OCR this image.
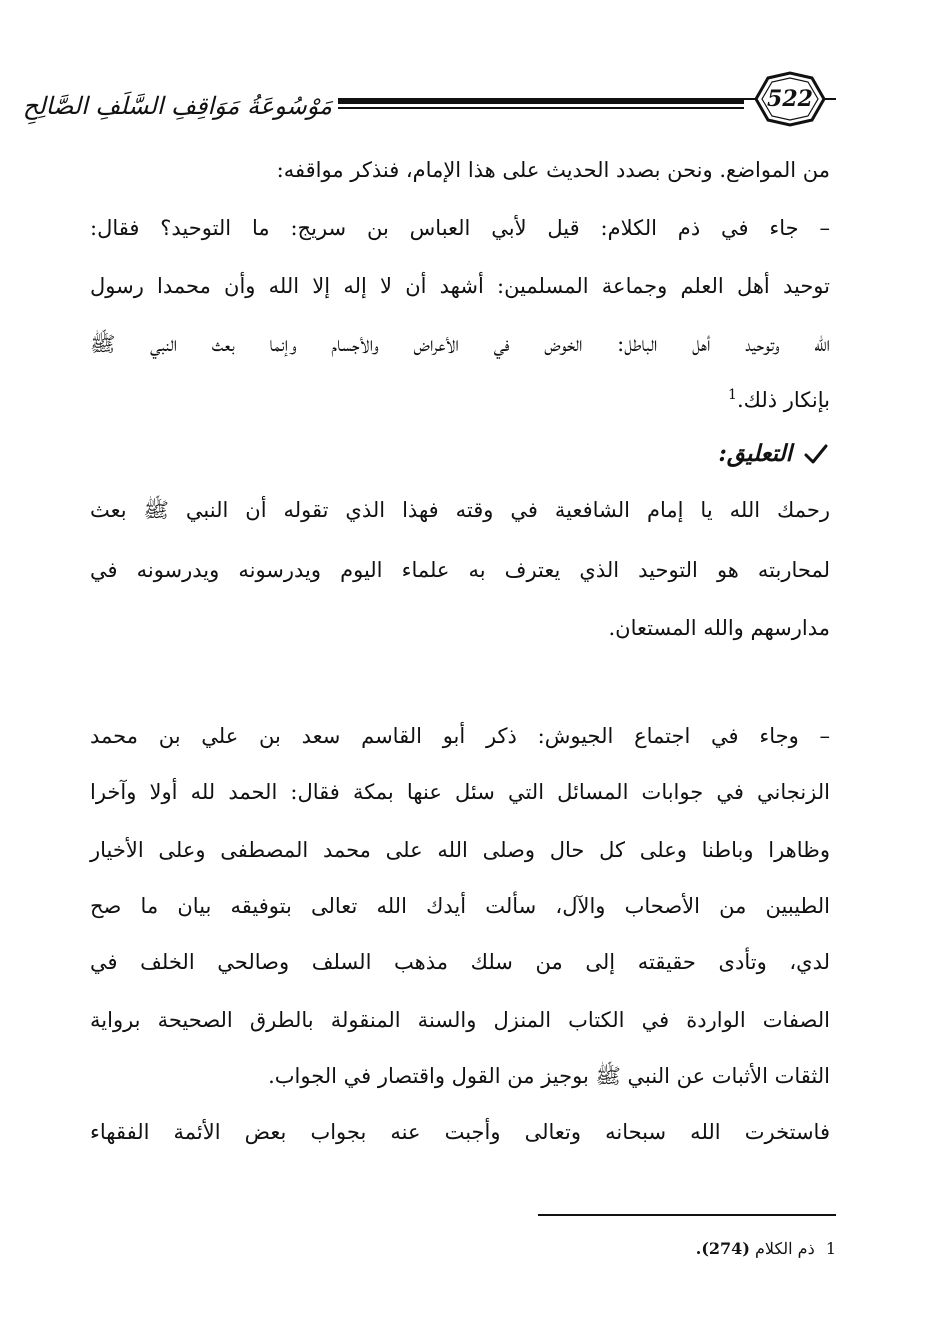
مَوْسُوعَةُ مَوَاقِفِ السَّلَفِ الصَّالِحِ	522
من المواضع. ونحن بصدد الحديث على هذا الإمام، فنذكر مواقفه:
– جاء في ذم الكلام: قيل لأبي العباس بن سريج: ما التوحيد؟ فقال:
توحيد أهل العلم وجماعة المسلمين: أشهد أن لا إله إلا الله وأن محمدا رسول
الله وتوحيد أهل الباطل: الخوض في الأعراض والأجسام وإنما بعث النبي ﷺ
بإنكار ذلك.$^1$
التعليق:
رحمك الله يا إمام الشافعية في وقته فهذا الذي تقوله أن النبي ﷺ بعث
لمحاربته هو التوحيد الذي يعترف به علماء اليوم ويدرسونه ويدرسونه في
مدارسهم والله المستعان.
– وجاء في اجتماع الجيوش: ذكر أبو القاسم سعد بن علي بن محمد
الزنجاني في جوابات المسائل التي سئل عنها بمكة فقال: الحمد لله أولا وآخرا
وظاهرا وباطنا وعلى كل حال وصلى الله على محمد المصطفى وعلى الأخيار
الطيبين من الأصحاب والآل، سألت أيدك الله تعالى بتوفيقه بيان ما صح
لدي، وتأدى حقيقته إلى من سلك مذهب السلف وصالحي الخلف في
الصفات الواردة في الكتاب المنزل والسنة المنقولة بالطرق الصحيحة برواية
الثقات الأثبات عن النبي ﷺ بوجيز من القول واقتصار في الجواب.
فاستخرت الله سبحانه وتعالى وأجبت عنه بجواب بعض الأئمة الفقهاء
1 ذم الكلام (274).
